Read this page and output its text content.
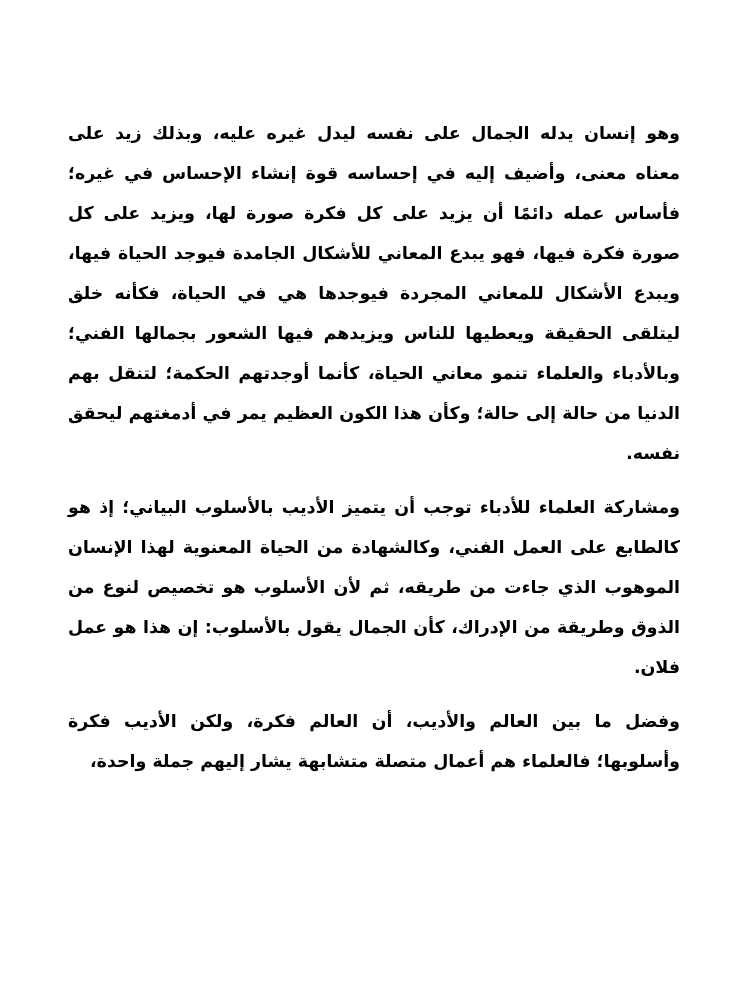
وهو إنسان يدله الجمال على نفسه ليدل غيره عليه، وبذلك زيد على معناه معنى، وأضيف إليه في إحساسه قوة إنشاء الإحساس في غيره؛ فأساس عمله دائمًا أن يزيد على كل فكرة صورة لها، ويزيد على كل صورة فكرة فيها، فهو يبدع المعاني للأشكال الجامدة فيوجد الحياة فيها، ويبدع الأشكال للمعاني المجردة فيوجدها هي في الحياة، فكأنه خلق ليتلقى الحقيقة ويعطيها للناس ويزيدهم فيها الشعور بجمالها الفني؛ وبالأدباء والعلماء تنمو معاني الحياة، كأنما أوجدتهم الحكمة؛ لتنقل بهم الدنيا من حالة إلى حالة؛ وكأن هذا الكون العظيم يمر في أدمغتهم ليحقق نفسه.

ومشاركة العلماء للأدباء توجب أن يتميز الأديب بالأسلوب البياني؛ إذ هو كالطابع على العمل الفني، وكالشهادة من الحياة المعنوية لهذا الإنسان الموهوب الذي جاءت من طريقه، ثم لأن الأسلوب هو تخصيص لنوع من الذوق وطريقة من الإدراك، كأن الجمال يقول بالأسلوب: إن هذا هو عمل فلان.

وفضل ما بين العالم والأديب، أن العالم فكرة، ولكن الأديب فكرة وأسلوبها؛ فالعلماء هم أعمال متصلة متشابهة يشار إليهم جملة واحدة،
